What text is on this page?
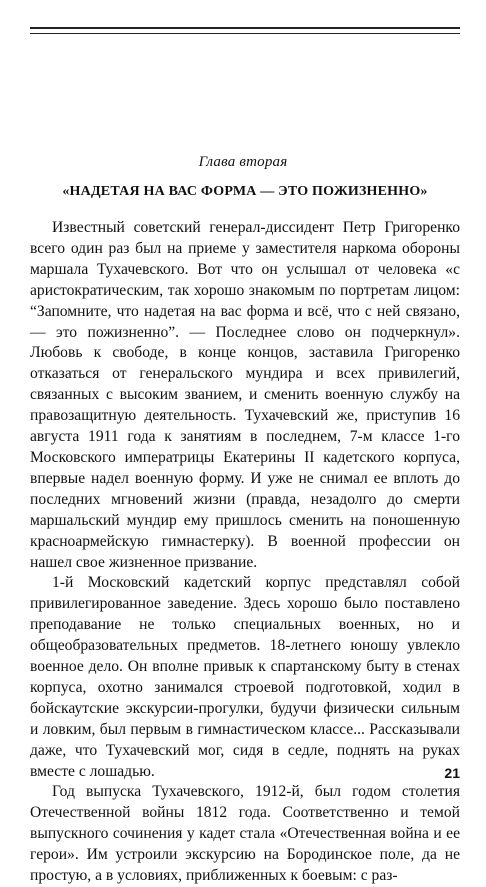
Глава вторая
«НАДЕТАЯ НА ВАС ФОРМА — ЭТО ПОЖИЗНЕННО»

Известный советский генерал-диссидент Петр Григоренко всего один раз был на приеме у заместителя наркома обороны маршала Тухачевского. Вот что он услышал от человека «с аристократическим, так хорошо знакомым по портретам лицом: “Запомните, что надетая на вас форма и всё, что с ней связано, — это пожизненно”. — Последнее слово он подчеркнул». Любовь к свободе, в конце концов, заставила Григоренко отказаться от генеральского мундира и всех привилегий, связанных с высоким званием, и сменить военную службу на правозащитную деятельность. Тухачевский же, приступив 16 августа 1911 года к занятиям в последнем, 7-м классе 1-го Московского императрицы Екатерины II кадетского корпуса, впервые надел военную форму. И уже не снимал ее вплоть до последних мгновений жизни (правда, незадолго до смерти маршальский мундир ему пришлось сменить на поношенную красноармейскую гимнастерку). В военной профессии он нашел свое жизненное призвание.

1-й Московский кадетский корпус представлял собой привилегированное заведение. Здесь хорошо было поставлено преподавание не только специальных военных, но и общеобразовательных предметов. 18-летнего юношу увлекло военное дело. Он вполне привык к спартанскому быту в стенах корпуса, охотно занимался строевой подготовкой, ходил в бойскаутские экскурсии-прогулки, будучи физически сильным и ловким, был первым в гимнастическом классе... Рассказывали даже, что Тухачевский мог, сидя в седле, поднять на руках вместе с лошадью.

Год выпуска Тухачевского, 1912-й, был годом столетия Отечественной войны 1812 года. Соответственно и темой выпускного сочинения у кадет стала «Отечественная война и ее герои». Им устроили экскурсию на Бородинское поле, да не простую, а в условиях, приближенных к боевым: с раз-

21
